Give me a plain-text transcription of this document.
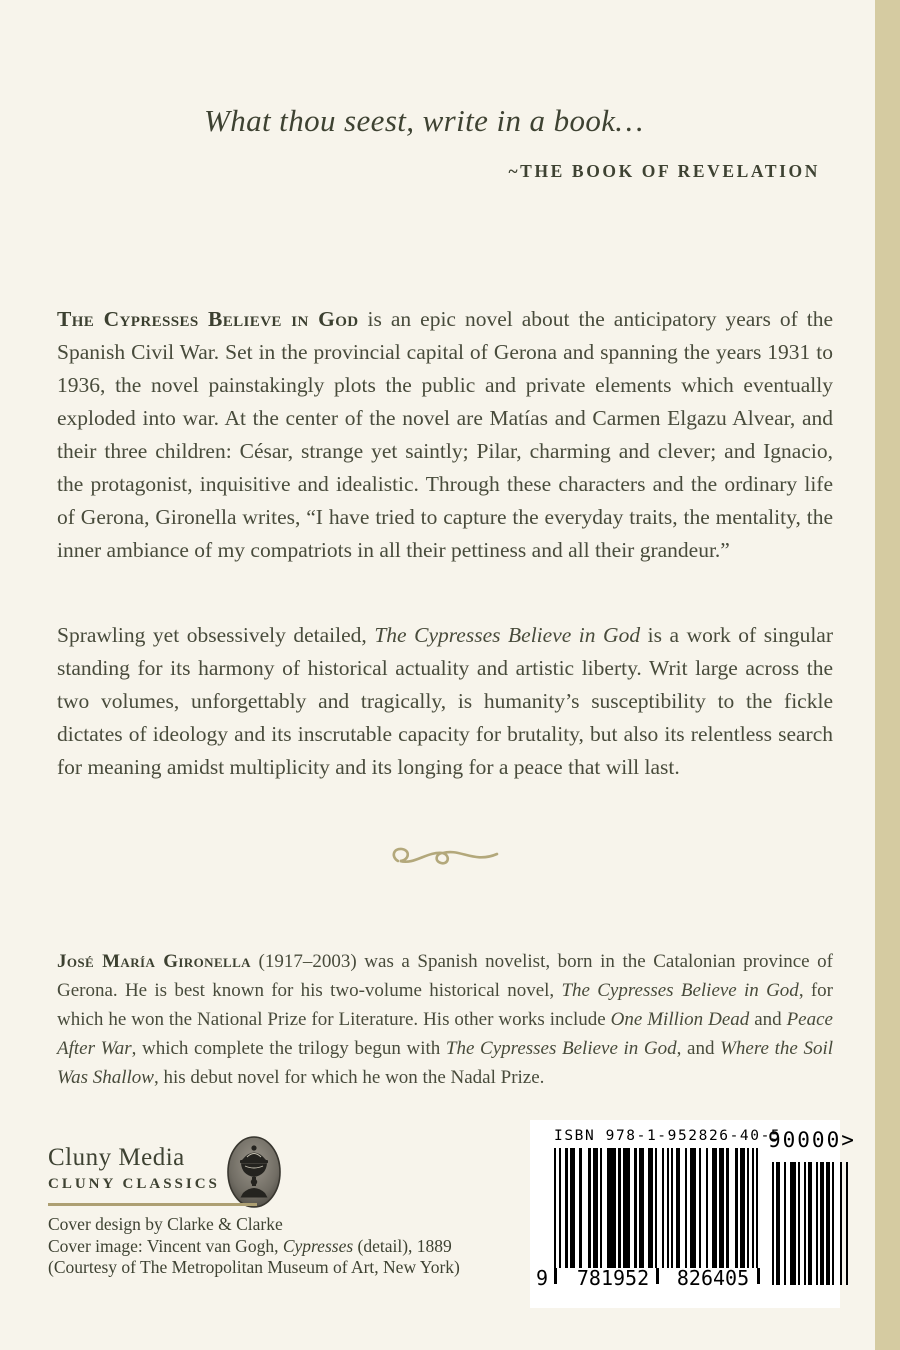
What thou seest, write in a book…
~THE BOOK OF REVELATION

The Cypresses Believe in God is an epic novel about the anticipatory years of the Spanish Civil War. Set in the provincial capital of Gerona and spanning the years 1931 to 1936, the novel painstakingly plots the public and private elements which eventually exploded into war. At the center of the novel are Matías and Carmen Elgazu Alvear, and their three children: César, strange yet saintly; Pilar, charming and clever; and Ignacio, the protagonist, inquisitive and idealistic. Through these characters and the ordinary life of Gerona, Gironella writes, “I have tried to capture the everyday traits, the mentality, the inner ambiance of my compatriots in all their pettiness and all their grandeur.”

Sprawling yet obsessively detailed, The Cypresses Believe in God is a work of singular standing for its harmony of historical actuality and artistic liberty. Writ large across the two volumes, unforgettably and tragically, is humanity’s susceptibility to the fickle dictates of ideology and its inscrutable capacity for brutality, but also its relentless search for meaning amidst multiplicity and its longing for a peace that will last.

José María Gironella (1917–2003) was a Spanish novelist, born in the Catalonian province of Gerona. He is best known for his two-volume historical novel, The Cypresses Believe in God, for which he won the National Prize for Literature. His other works include One Million Dead and Peace After War, which complete the trilogy begun with The Cypresses Believe in God, and Where the Soil Was Shallow, his debut novel for which he won the Nadal Prize.

Cluny Media
CLUNY CLASSICS
Cover design by Clarke & Clarke
Cover image: Vincent van Gogh, Cypresses (detail), 1889
(Courtesy of The Metropolitan Museum of Art, New York)
ISBN 978-1-952826-40-5
9	781952	826405
90000>
